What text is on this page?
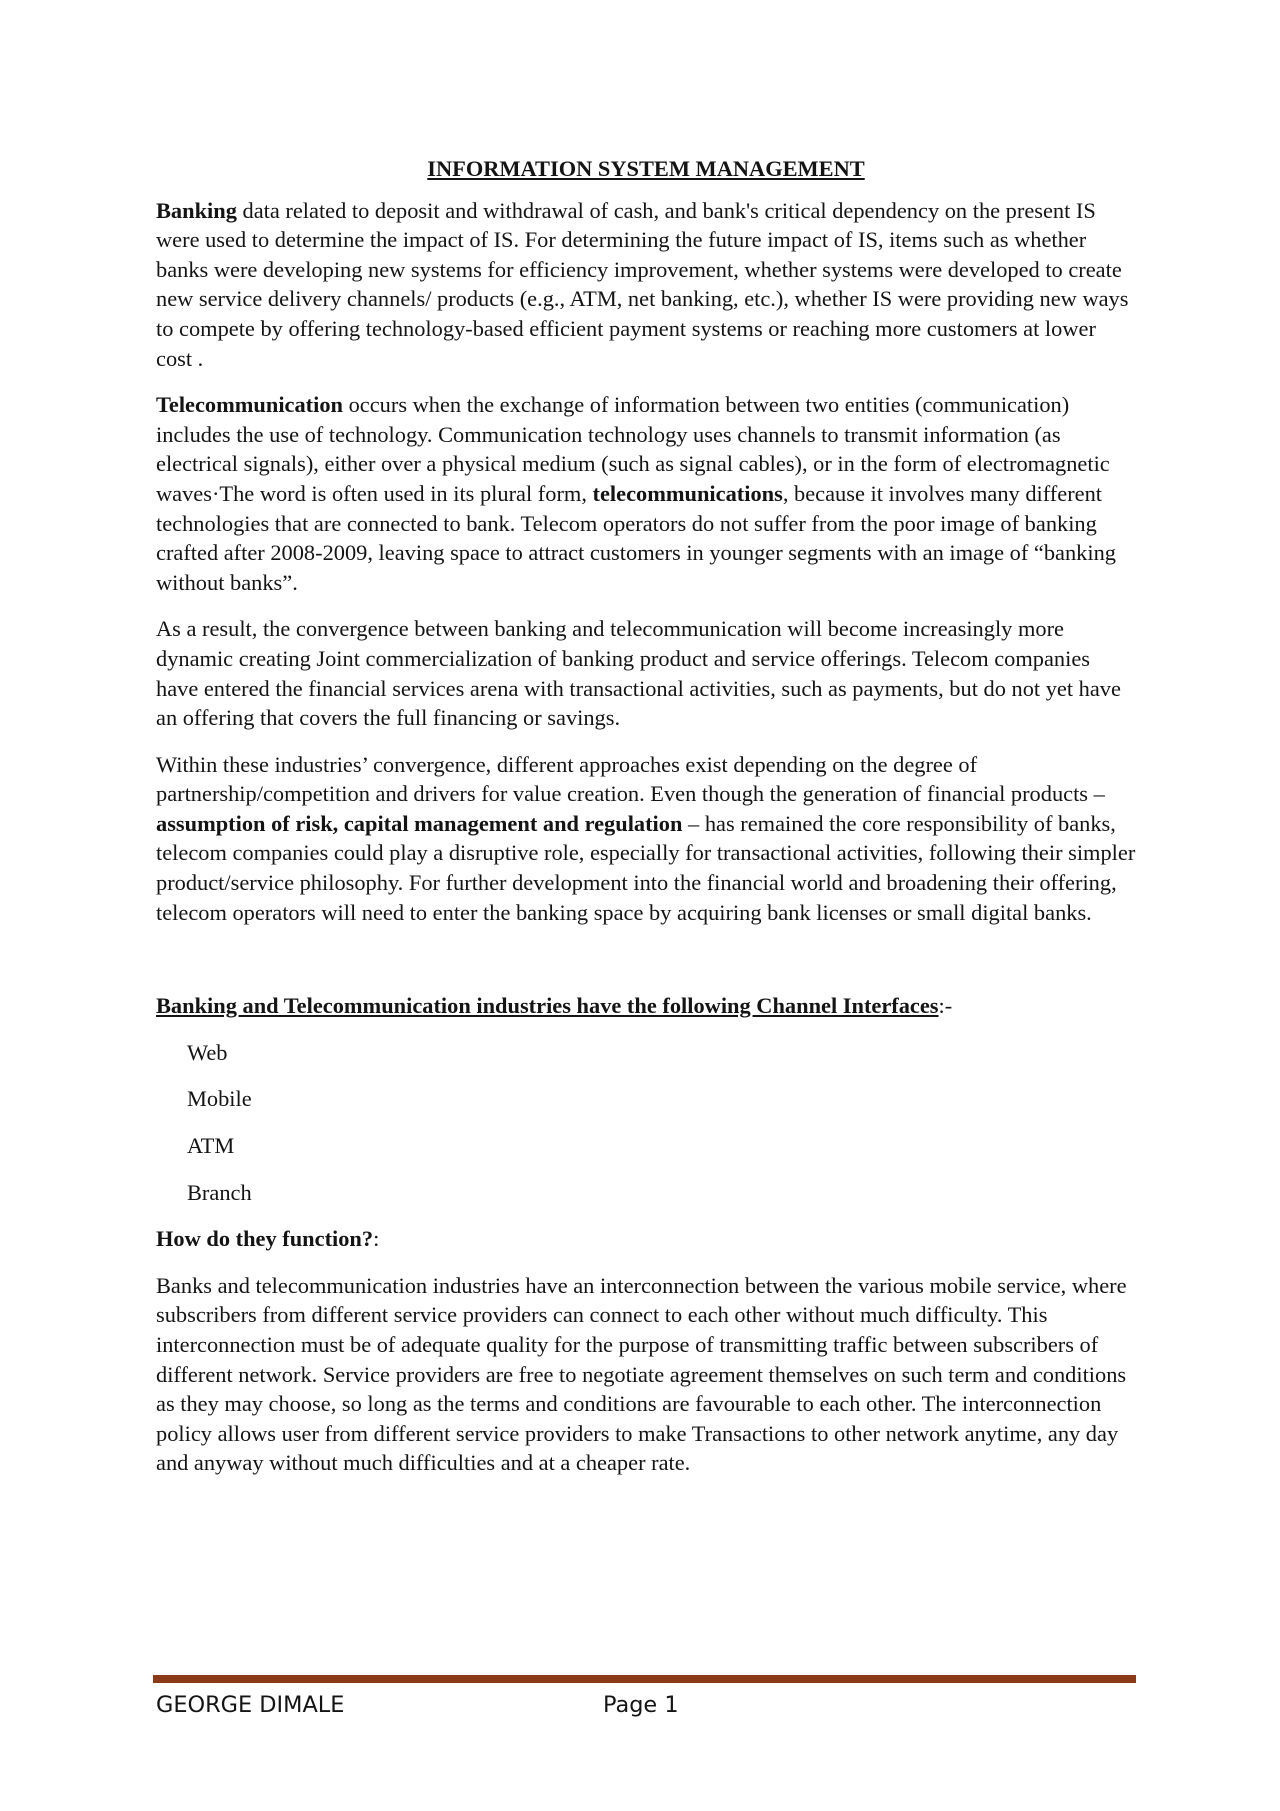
INFORMATION SYSTEM MANAGEMENT

Banking data related to deposit and withdrawal of cash, and bank's critical dependency on the present IS were used to determine the impact of IS. For determining the future impact of IS, items such as whether banks were developing new systems for efficiency improvement, whether systems were developed to create new service delivery channels/ products (e.g., ATM, net banking, etc.), whether IS were providing new ways to compete by offering technology-based efficient payment systems or reaching more customers at lower cost .

Telecommunication occurs when the exchange of information between two entities (communication) includes the use of technology. Communication technology uses channels to transmit information (as electrical signals), either over a physical medium (such as signal cables), or in the form of electromagnetic waves·The word is often used in its plural form, telecommunications, because it involves many different technologies that are connected to bank. Telecom operators do not suffer from the poor image of banking crafted after 2008-2009, leaving space to attract customers in younger segments with an image of “banking without banks”.

As a result, the convergence between banking and telecommunication will become increasingly more dynamic creating Joint commercialization of banking product and service offerings. Telecom companies have entered the financial services arena with transactional activities, such as payments, but do not yet have an offering that covers the full financing or savings.

Within these industries’ convergence, different approaches exist depending on the degree of partnership/competition and drivers for value creation. Even though the generation of financial products – assumption of risk, capital management and regulation – has remained the core responsibility of banks, telecom companies could play a disruptive role, especially for transactional activities, following their simpler product/service philosophy. For further development into the financial world and broadening their offering, telecom operators will need to enter the banking space by acquiring bank licenses or small digital banks.

Banking and Telecommunication industries have the following Channel Interfaces:-

Web
Mobile
ATM
Branch

How do they function?:

Banks and telecommunication industries have an interconnection between the various mobile service, where subscribers from different service providers can connect to each other without much difficulty. This interconnection must be of adequate quality for the purpose of transmitting traffic between subscribers of different network. Service providers are free to negotiate agreement themselves on such term and conditions as they may choose, so long as the terms and conditions are favourable to each other. The interconnection policy allows user from different service providers to make Transactions to other network anytime, any day and anyway without much difficulties and at a cheaper rate.

GEORGE DIMALE	Page 1
